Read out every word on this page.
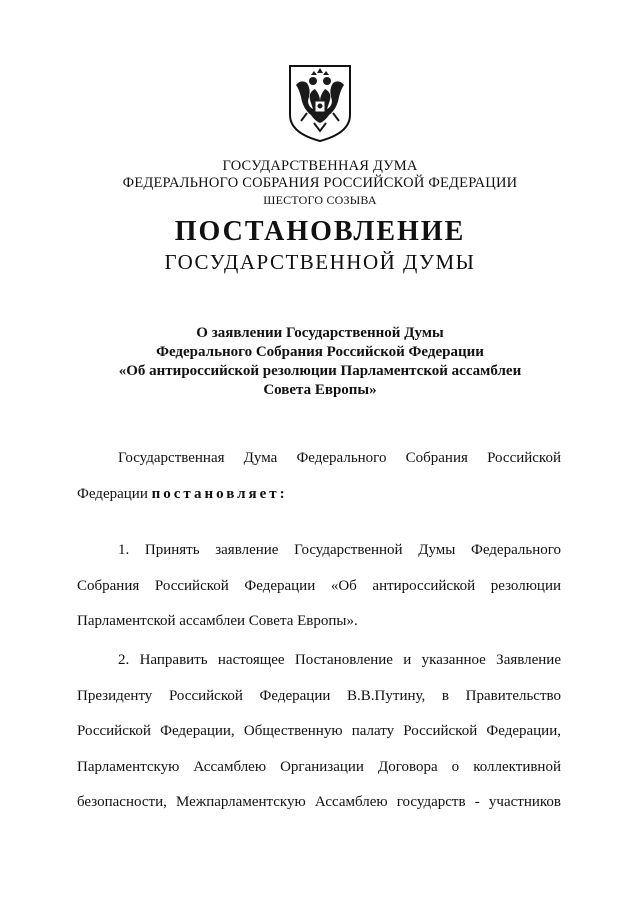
ГОСУДАРСТВЕННАЯ ДУМА
ФЕДЕРАЛЬНОГО СОБРАНИЯ РОССИЙСКОЙ ФЕДЕРАЦИИ
ШЕСТОГО СОЗЫВА
ПОСТАНОВЛЕНИЕ
ГОСУДАРСТВЕННОЙ ДУМЫ
О заявлении Государственной Думы
Федерального Собрания Российской Федерации
«Об антироссийской резолюции Парламентской ассамблеи
Совета Европы»
Государственная Дума Федерального Собрания Российской
Федерации постановляет:
1. Принять заявление Государственной Думы Федерального
Собрания Российской Федерации «Об антироссийской резолюции
Парламентской ассамблеи Совета Европы».
2. Направить настоящее Постановление и указанное Заявление
Президенту Российской Федерации В.В.Путину, в Правительство
Российской Федерации, Общественную палату Российской Федерации,
Парламентскую Ассамблею Организации Договора о коллективной
безопасности, Межпарламентскую Ассамблею государств - участников
